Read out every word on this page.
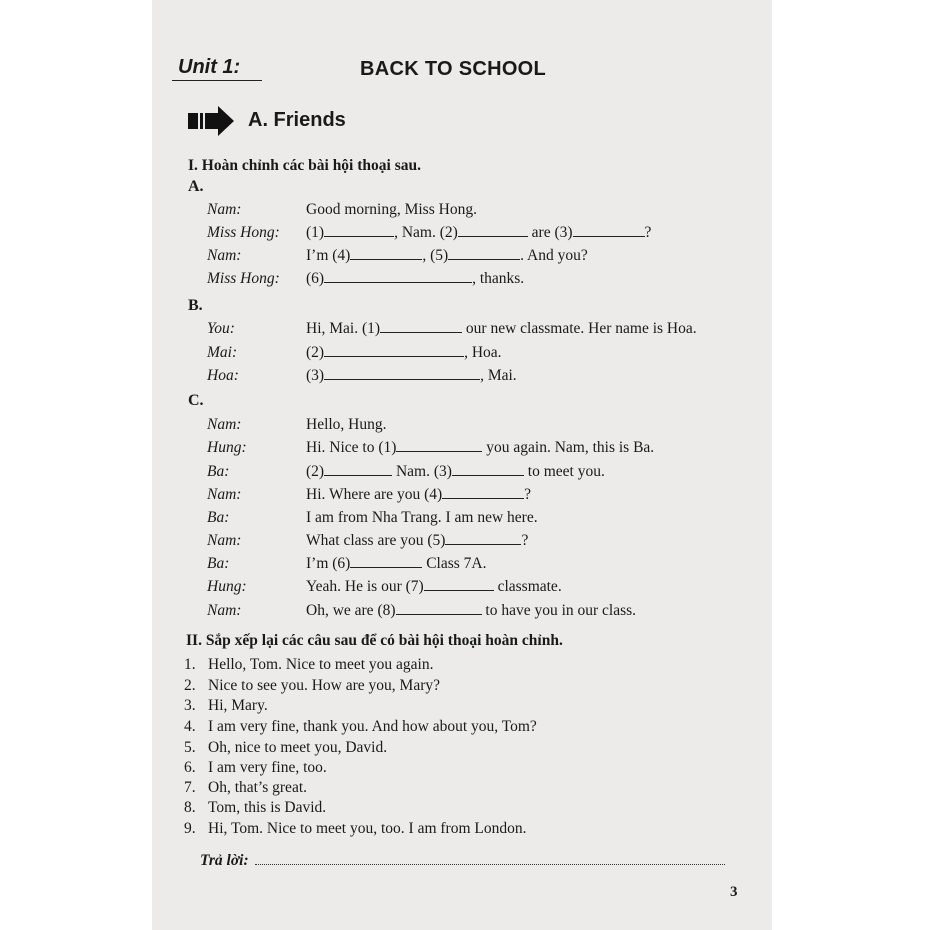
Unit 1:	BACK TO SCHOOL
A. Friends
I. Hoàn chỉnh các bài hội thoại sau.
A.
Nam:	Good morning, Miss Hong.
Miss Hong: (1)	, Nam. (2)	are (3)	?
Nam:	I’m (4)	, (5)	. And you?
Miss Hong: (6)	, thanks.
B.
You:	Hi, Mai. (1)	our new classmate. Her name is Hoa.
Mai:	(2)	, Hoa.
Hoa:	(3)	, Mai.
C.
Nam:	Hello, Hung.
Hung:	Hi. Nice to (1)	you again. Nam, this is Ba.
Ba:	(2)	Nam. (3)	to meet you.
Nam:	Hi. Where are you (4)	?
Ba:	I am from Nha Trang. I am new here.
Nam:	What class are you (5)	?
Ba:	I’m (6)	Class 7A.
Hung:	Yeah. He is our (7)	classmate.
Nam:	Oh, we are (8)	to have you in our class.
II. Sắp xếp lại các câu sau để có bài hội thoại hoàn chỉnh.
1. Hello, Tom. Nice to meet you again.
2. Nice to see you. How are you, Mary?
3. Hi, Mary.
4. I am very fine, thank you. And how about you, Tom?
5. Oh, nice to meet you, David.
6. I am very fine, too.
7. Oh, that’s great.
8. Tom, this is David.
9. Hi, Tom. Nice to meet you, too. I am from London.
Trả lời:
3
